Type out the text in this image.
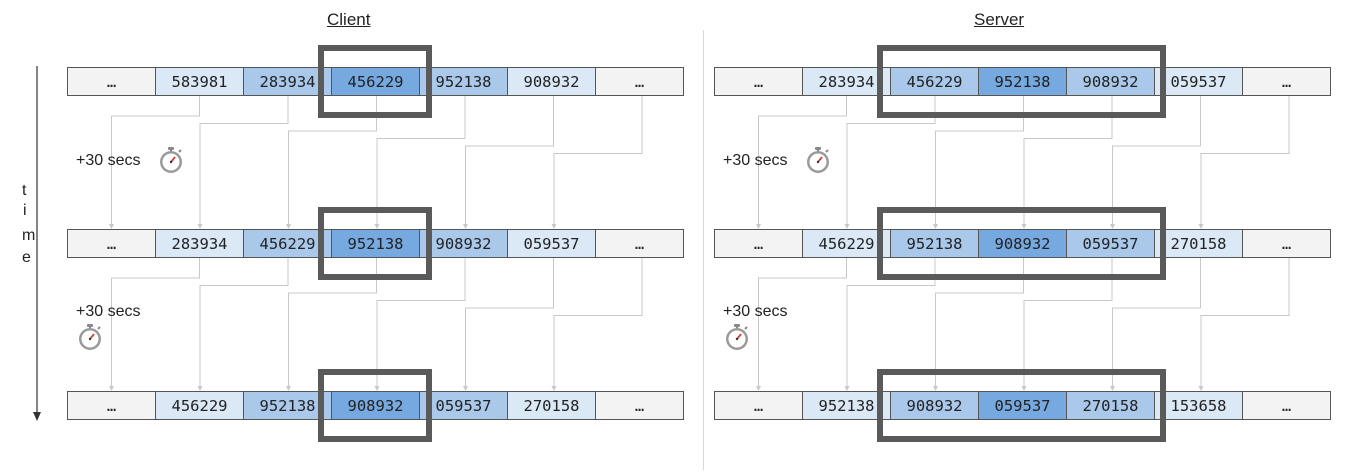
Client	Server
t
i
m
e
…	583981	283934	456229	952138	908932	…
…	283934	456229	952138	908932	059537	…
…	456229	952138	908932	059537	270158	…
…	283934	456229	952138	908932	059537	…
…	456229	952138	908932	059537	270158	…
…	952138	908932	059537	270158	153658	…
+30 secs
+30 secs
+30 secs
+30 secs
